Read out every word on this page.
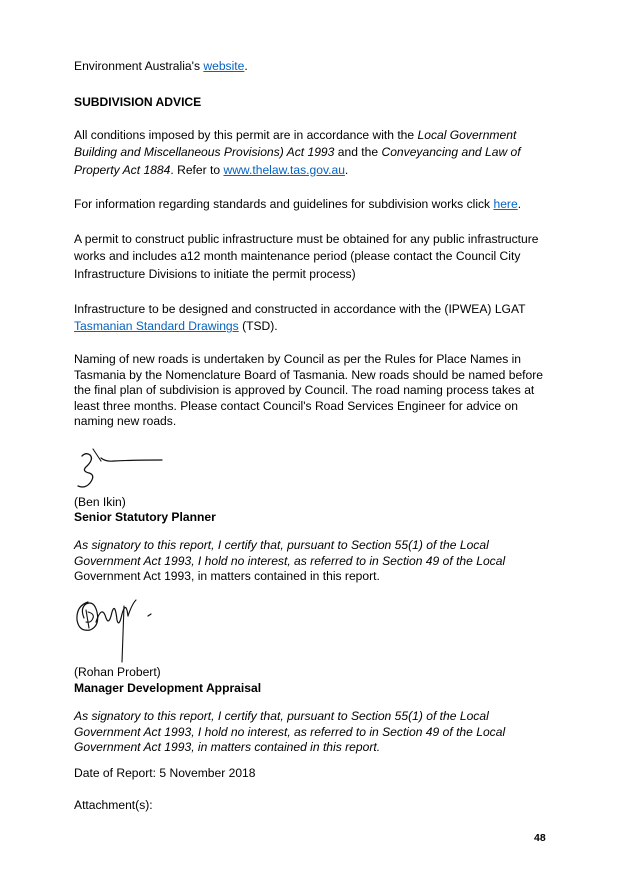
Environment Australia's website.

SUBDIVISION ADVICE

All conditions imposed by this permit are in accordance with the Local Government Building and Miscellaneous Provisions) Act 1993 and the Conveyancing and Law of Property Act 1884. Refer to www.thelaw.tas.gov.au.

For information regarding standards and guidelines for subdivision works click here.

A permit to construct public infrastructure must be obtained for any public infrastructure works and includes a12 month maintenance period (please contact the Council City Infrastructure Divisions to initiate the permit process)

Infrastructure to be designed and constructed in accordance with the (IPWEA) LGAT Tasmanian Standard Drawings (TSD).

Naming of new roads is undertaken by Council as per the Rules for Place Names in Tasmania by the Nomenclature Board of Tasmania. New roads should be named before the final plan of subdivision is approved by Council. The road naming process takes at least three months. Please contact Council's Road Services Engineer for advice on naming new roads.

(Ben Ikin)

Senior Statutory Planner

As signatory to this report, I certify that, pursuant to Section 55(1) of the Local Government Act 1993, I hold no interest, as referred to in Section 49 of the Local Government Act 1993, in matters contained in this report.

(Rohan Probert)

Manager Development Appraisal

As signatory to this report, I certify that, pursuant to Section 55(1) of the Local Government Act 1993, I hold no interest, as referred to in Section 49 of the Local Government Act 1993, in matters contained in this report.

Date of Report: 5 November 2018

Attachment(s):

48
